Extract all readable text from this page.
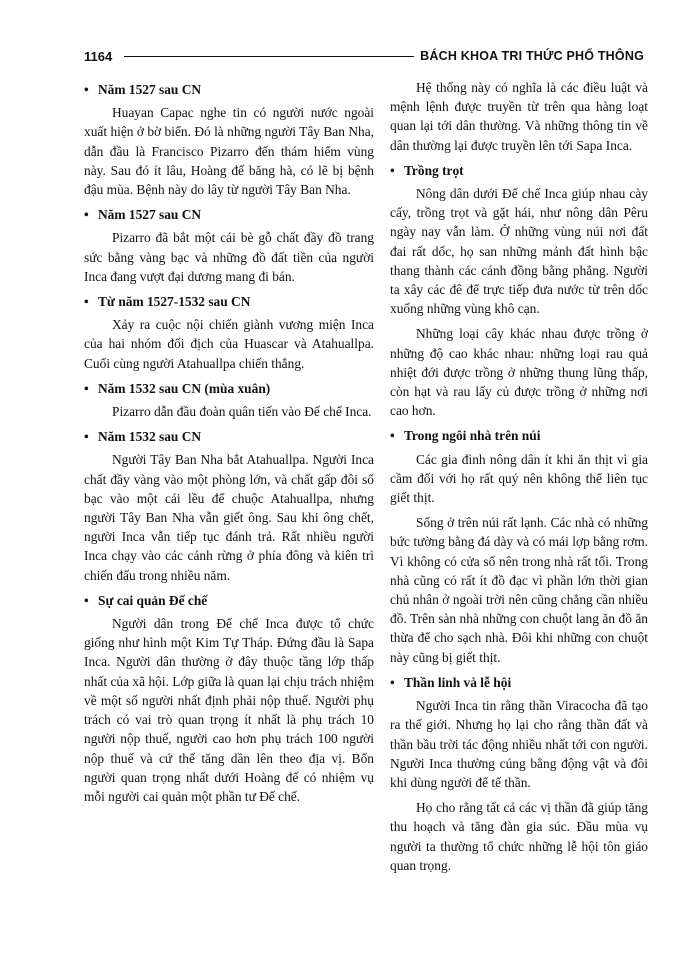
1164	BÁCH KHOA TRI THỨC PHỔ THÔNG
• Năm 1527 sau CN

Huayan Capac nghe tin có người nước ngoài xuất hiện ở bờ biển. Đó là những người Tây Ban Nha, dẫn đầu là Francisco Pizarro đến thám hiểm vùng này. Sau đó ít lâu, Hoàng đế băng hà, có lẽ bị bệnh đậu mùa. Bệnh này do lây từ người Tây Ban Nha.

• Năm 1527 sau CN

Pizarro đã bắt một cái bè gỗ chất đầy đồ trang sức bằng vàng bạc và những đồ đất tiền của người Inca đang vượt đại dương mang đi bán.

• Từ năm 1527-1532 sau CN

Xảy ra cuộc nội chiến giành vương miện Inca của hai nhóm đối địch của Huascar và Atahuallpa. Cuối cùng người Atahuallpa chiến thắng.

• Năm 1532 sau CN (mùa xuân)

Pizarro dẫn đầu đoàn quân tiến vào Đế chế Inca.

• Năm 1532 sau CN

Người Tây Ban Nha bắt Atahuallpa. Người Inca chất đầy vàng vào một phòng lớn, và chất gấp đôi số bạc vào một cái lều để chuộc Atahuallpa, nhưng người Tây Ban Nha vẫn giết ông. Sau khi ông chết, người Inca vẫn tiếp tục đánh trả. Rất nhiều người Inca chạy vào các cánh rừng ở phía đông và kiên trì chiến đấu trong nhiều năm.

• Sự cai quản Đế chế

Người dân trong Đế chế Inca được tổ chức giống như hình một Kim Tự Tháp. Đứng đầu là Sapa Inca. Người dân thường ở đây thuộc tầng lớp thấp nhất của xã hội. Lớp giữa là quan lại chịu trách nhiệm về một số người nhất định phải nộp thuế. Người phụ trách có vai trò quan trọng ít nhất là phụ trách 10 người nộp thuế, người cao hơn phụ trách 100 người nộp thuế và cứ thế tăng dần lên theo địa vị. Bốn người quan trọng nhất dưới Hoàng đế có nhiệm vụ mỗi người cai quản một phần tư Đế chế.

Hệ thống này có nghĩa là các điều luật và mệnh lệnh được truyền từ trên qua hàng loạt quan lại tới dân thường. Và những thông tin về dân thường lại được truyền lên tới Sapa Inca.

• Trồng trọt

Nông dân dưới Đế chế Inca giúp nhau cày cấy, trồng trọt và gặt hái, như nông dân Pêru ngày nay vẫn làm. Ở những vùng núi nơi đất đai rất dốc, họ san những mảnh đất hình bậc thang thành các cánh đồng bằng phẳng. Người ta xây các đê để trực tiếp đưa nước từ trên dốc xuống những vùng khô cạn.

Những loại cây khác nhau được trồng ở những độ cao khác nhau: những loại rau quả nhiệt đới được trồng ở những thung lũng thấp, còn hạt và rau lấy củ được trồng ở những nơi cao hơn.

• Trong ngôi nhà trên núi

Các gia đình nông dân ít khi ăn thịt vì gia cầm đối với họ rất quý nên không thể liên tục giết thịt.

Sống ở trên núi rất lạnh. Các nhà có những bức tường bằng đá dày và có mái lợp bằng rơm. Vì không có cửa sổ nên trong nhà rất tối. Trong nhà cũng có rất ít đồ đạc vì phần lớn thời gian chủ nhân ở ngoài trời nên cũng chẳng cần nhiều đồ. Trên sàn nhà những con chuột lang ăn đồ ăn thừa để cho sạch nhà. Đôi khi những con chuột này cũng bị giết thịt.

• Thần linh và lễ hội

Người Inca tin rằng thần Viracocha đã tạo ra thế giới. Nhưng họ lại cho rằng thần đất và thần bầu trời tác động nhiều nhất tới con người. Người Inca thường cúng bằng động vật và đôi khi dùng người để tế thần.

Họ cho rằng tất cả các vị thần đã giúp tăng thu hoạch và tăng đàn gia súc. Đầu mùa vụ người ta thường tổ chức những lễ hội tôn giáo quan trọng.
